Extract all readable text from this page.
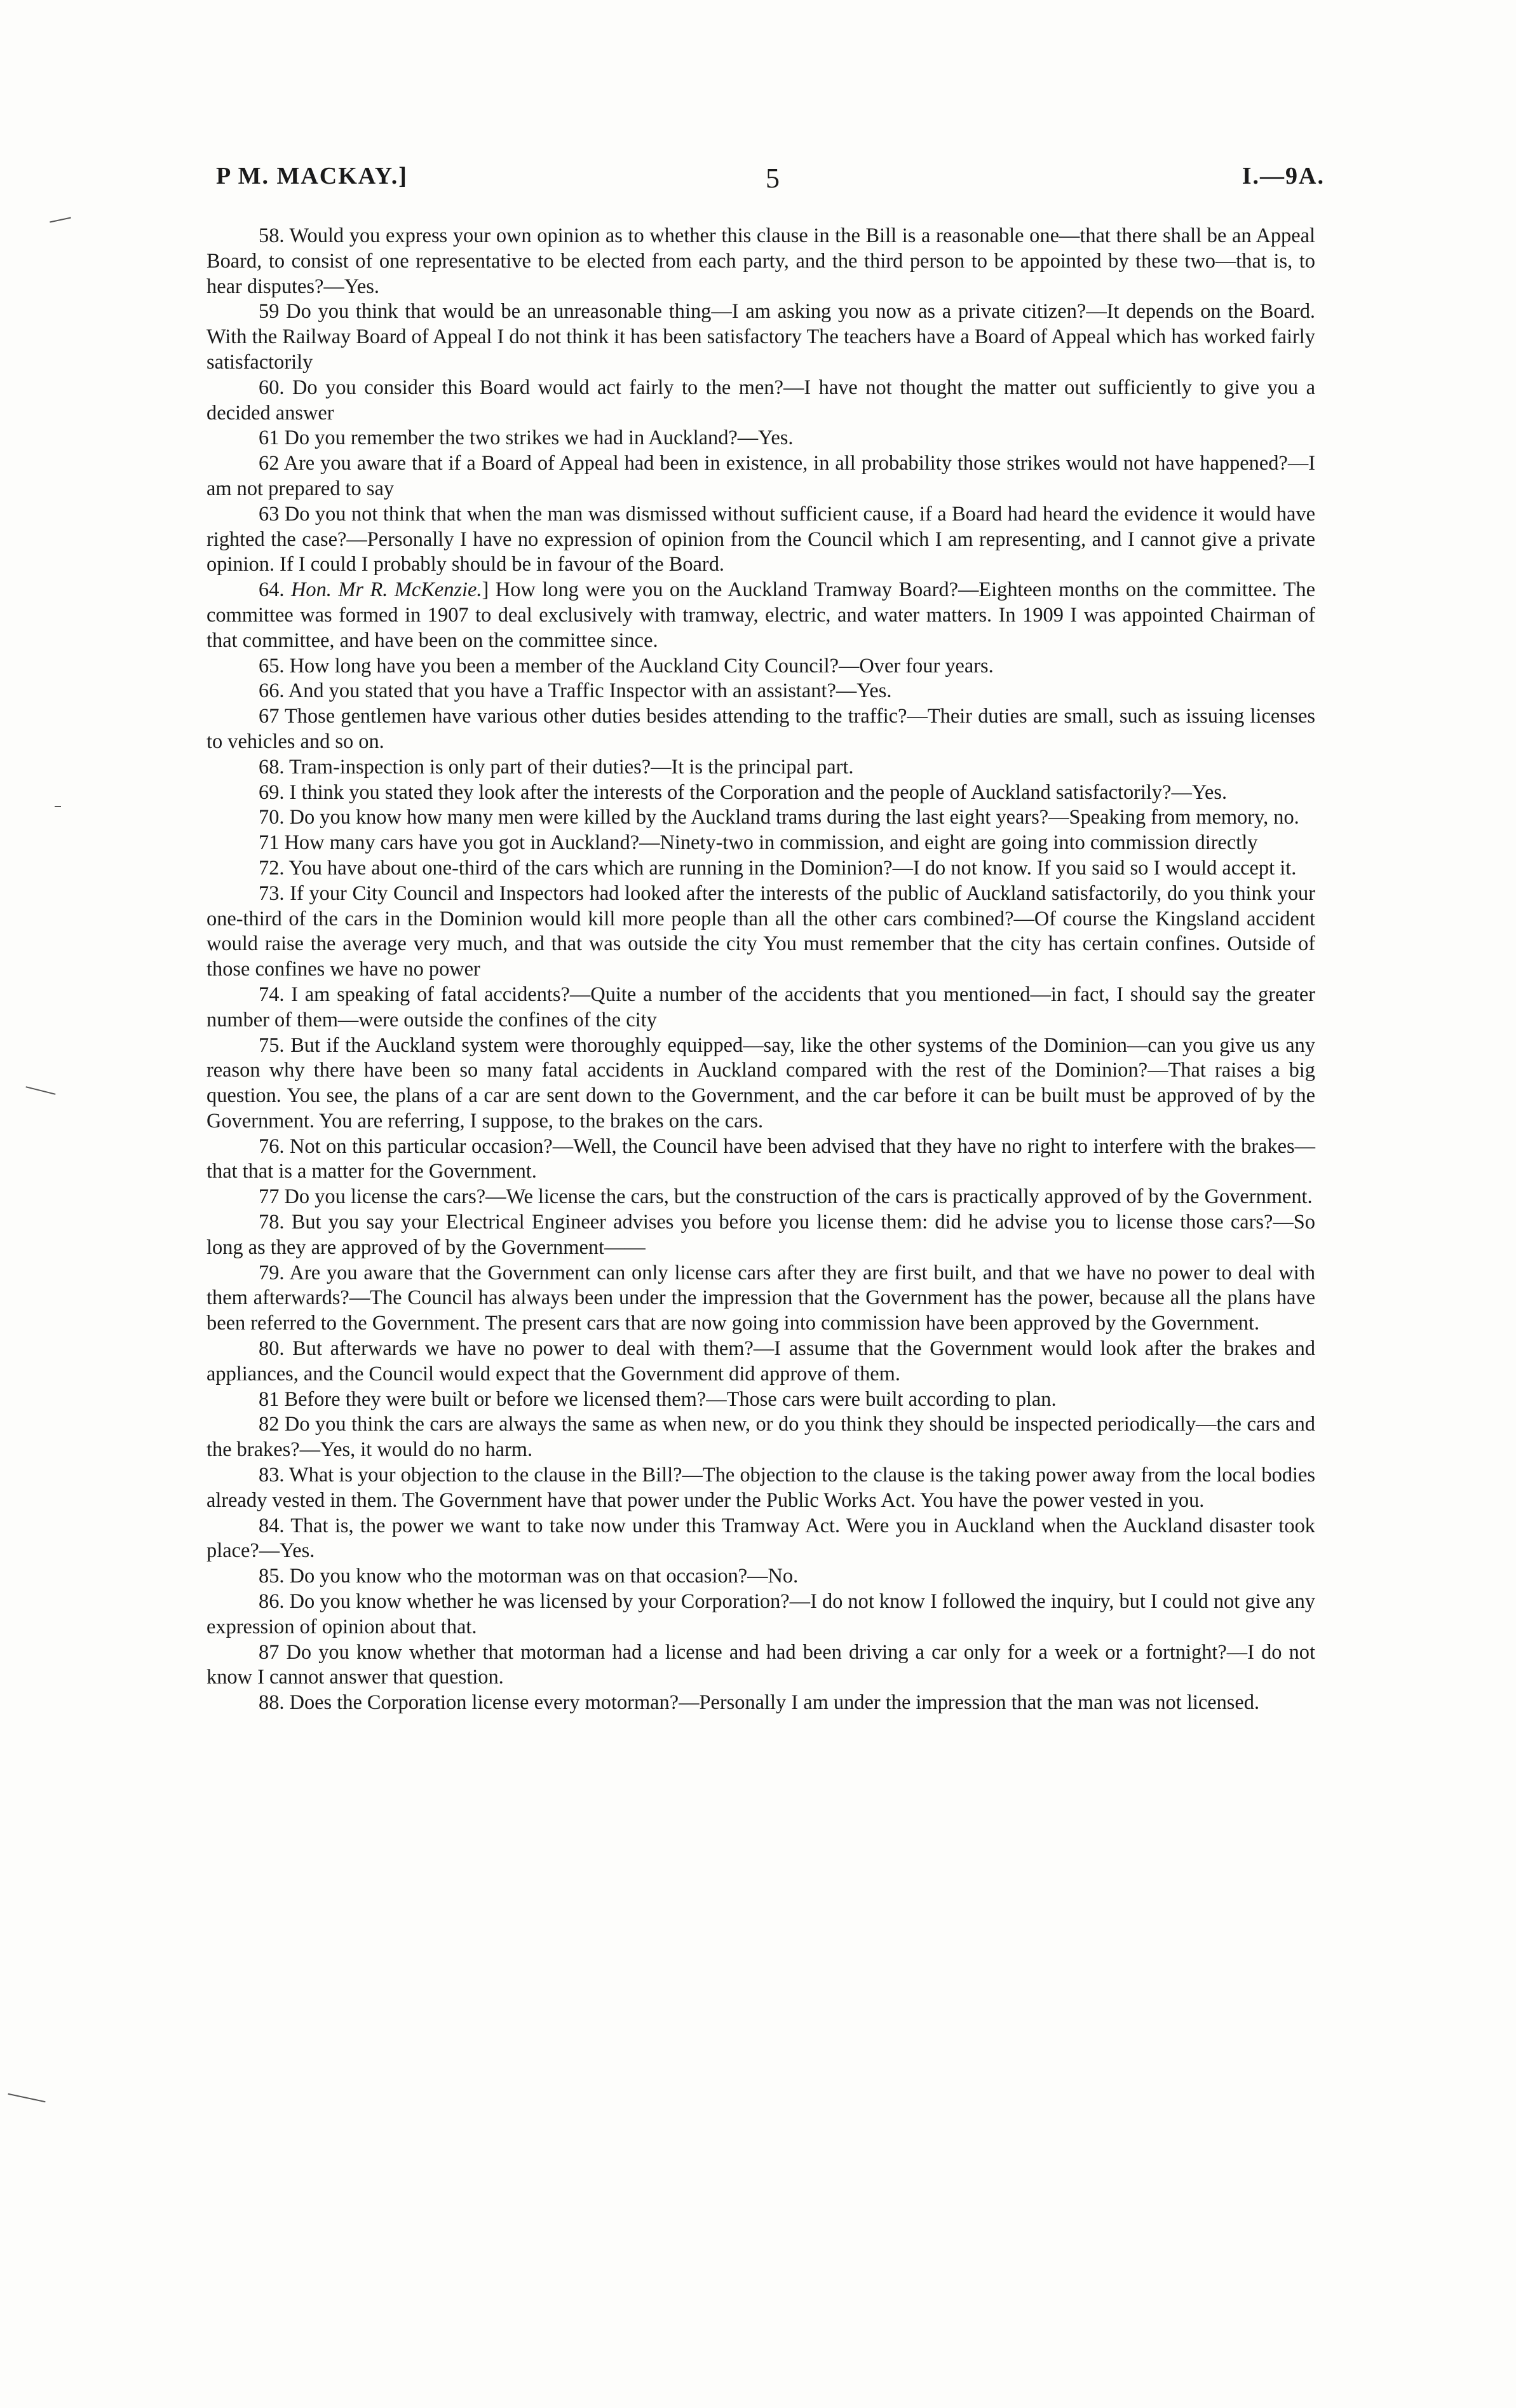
P M. MACKAY.]	5	I.—9A.

58. Would you express your own opinion as to whether this clause in the Bill is a reasonable one—that there shall be an Appeal Board, to consist of one representative to be elected from each party, and the third person to be appointed by these two—that is, to hear disputes?—Yes.

59 Do you think that would be an unreasonable thing—I am asking you now as a private citizen?—It depends on the Board. With the Railway Board of Appeal I do not think it has been satisfactory The teachers have a Board of Appeal which has worked fairly satisfactorily

60. Do you consider this Board would act fairly to the men?—I have not thought the matter out sufficiently to give you a decided answer

61 Do you remember the two strikes we had in Auckland?—Yes.

62 Are you aware that if a Board of Appeal had been in existence, in all probability those strikes would not have happened?—I am not prepared to say

63 Do you not think that when the man was dismissed without sufficient cause, if a Board had heard the evidence it would have righted the case?—Personally I have no expression of opinion from the Council which I am representing, and I cannot give a private opinion. If I could I probably should be in favour of the Board.

64. Hon. Mr R. McKenzie.] How long were you on the Auckland Tramway Board?—Eighteen months on the committee. The committee was formed in 1907 to deal exclusively with tramway, electric, and water matters. In 1909 I was appointed Chairman of that committee, and have been on the committee since.

65. How long have you been a member of the Auckland City Council?—Over four years.

66. And you stated that you have a Traffic Inspector with an assistant?—Yes.

67 Those gentlemen have various other duties besides attending to the traffic?—Their duties are small, such as issuing licenses to vehicles and so on.

68. Tram-inspection is only part of their duties?—It is the principal part.

69. I think you stated they look after the interests of the Corporation and the people of Auckland satisfactorily?—Yes.

70. Do you know how many men were killed by the Auckland trams during the last eight years?—Speaking from memory, no.

71 How many cars have you got in Auckland?—Ninety-two in commission, and eight are going into commission directly

72. You have about one-third of the cars which are running in the Dominion?—I do not know. If you said so I would accept it.

73. If your City Council and Inspectors had looked after the interests of the public of Auckland satisfactorily, do you think your one-third of the cars in the Dominion would kill more people than all the other cars combined?—Of course the Kingsland accident would raise the average very much, and that was outside the city You must remember that the city has certain confines. Outside of those confines we have no power

74. I am speaking of fatal accidents?—Quite a number of the accidents that you mentioned—in fact, I should say the greater number of them—were outside the confines of the city

75. But if the Auckland system were thoroughly equipped—say, like the other systems of the Dominion—can you give us any reason why there have been so many fatal accidents in Auckland compared with the rest of the Dominion?—That raises a big question. You see, the plans of a car are sent down to the Government, and the car before it can be built must be approved of by the Government. You are referring, I suppose, to the brakes on the cars.

76. Not on this particular occasion?—Well, the Council have been advised that they have no right to interfere with the brakes—that that is a matter for the Government.

77 Do you license the cars?—We license the cars, but the construction of the cars is practically approved of by the Government.

78. But you say your Electrical Engineer advises you before you license them: did he advise you to license those cars?—So long as they are approved of by the Government——

79. Are you aware that the Government can only license cars after they are first built, and that we have no power to deal with them afterwards?—The Council has always been under the impression that the Government has the power, because all the plans have been referred to the Government. The present cars that are now going into commission have been approved by the Government.

80. But afterwards we have no power to deal with them?—I assume that the Government would look after the brakes and appliances, and the Council would expect that the Government did approve of them.

81 Before they were built or before we licensed them?—Those cars were built according to plan.

82 Do you think the cars are always the same as when new, or do you think they should be inspected periodically—the cars and the brakes?—Yes, it would do no harm.

83. What is your objection to the clause in the Bill?—The objection to the clause is the taking power away from the local bodies already vested in them. The Government have that power under the Public Works Act. You have the power vested in you.

84. That is, the power we want to take now under this Tramway Act. Were you in Auckland when the Auckland disaster took place?—Yes.

85. Do you know who the motorman was on that occasion?—No.

86. Do you know whether he was licensed by your Corporation?—I do not know I followed the inquiry, but I could not give any expression of opinion about that.

87 Do you know whether that motorman had a license and had been driving a car only for a week or a fortnight?—I do not know I cannot answer that question.

88. Does the Corporation license every motorman?—Personally I am under the impression that the man was not licensed.
